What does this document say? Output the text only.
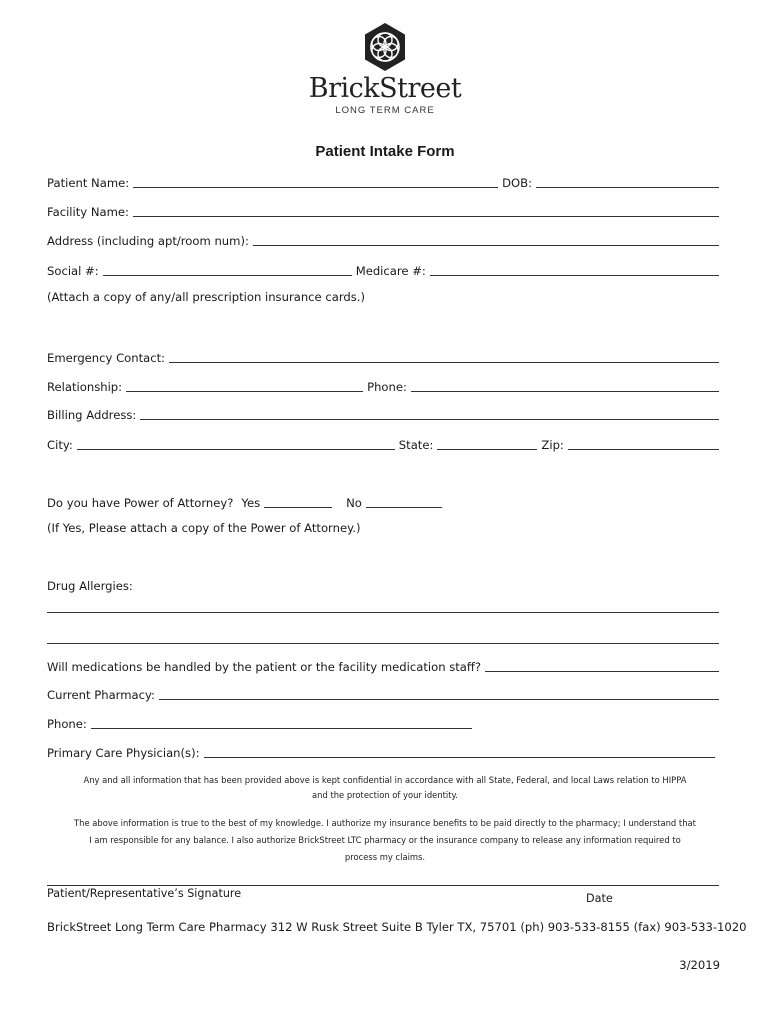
BrickStreet
LONG TERM CARE
Patient Intake Form
Patient Name:	DOB:
Facility Name:
Address (including apt/room num):
Social #:	Medicare #:
(Attach a copy of any/all prescription insurance cards.)
Emergency Contact:
Relationship:	Phone:
Billing Address:
City:	State:	Zip:
Do you have Power of Attorney? Yes	No
(If Yes, Please attach a copy of the Power of Attorney.)
Drug Allergies:
Will medications be handled by the patient or the facility medication staff?
Current Pharmacy:
Phone:
Primary Care Physician(s):
Any and all information that has been provided above is kept confidential in accordance with all State, Federal, and local Laws relation to HIPPA
and the protection of your identity.
The above information is true to the best of my knowledge. I authorize my insurance benefits to be paid directly to the pharmacy; I understand that
I am responsible for any balance. I also authorize BrickStreet LTC pharmacy or the insurance company to release any information required to
process my claims.
Patient/Representative’s Signature	Date
BrickStreet Long Term Care Pharmacy 312 W Rusk Street Suite B Tyler TX, 75701 (ph) 903-533-8155 (fax) 903-533-1020
3/2019
